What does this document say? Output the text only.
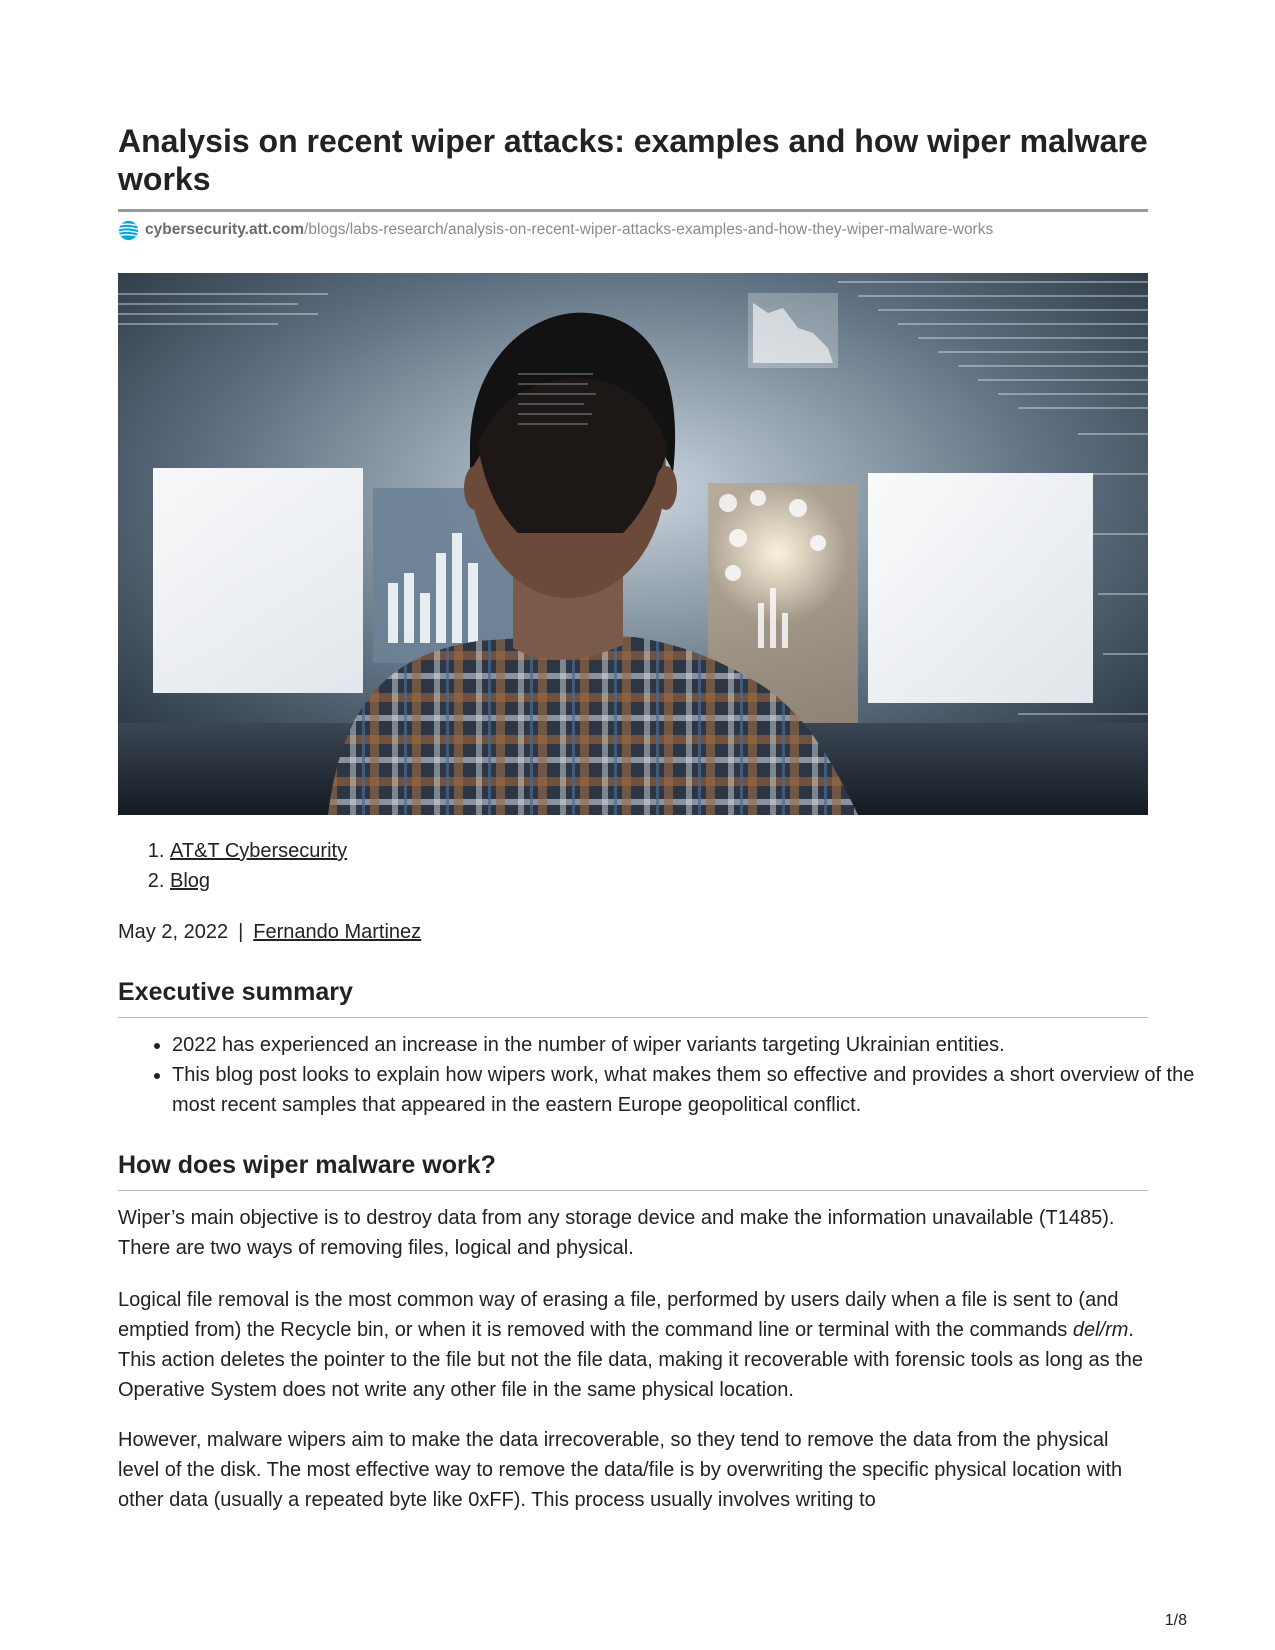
Analysis on recent wiper attacks: examples and how wiper malware works
cybersecurity.att.com /blogs/labs-research/analysis-on-recent-wiper-attacks-examples-and-how-they-wiper-malware-works
1. AT&T Cybersecurity
2. Blog
May 2, 2022 | Fernando Martinez
Executive summary
• 2022 has experienced an increase in the number of wiper variants targeting Ukrainian entities.
• This blog post looks to explain how wipers work, what makes them so effective and provides a short overview of the most recent samples that appeared in the eastern Europe geopolitical conflict.
How does wiper malware work?

Wiper’s main objective is to destroy data from any storage device and make the information unavailable (T1485). There are two ways of removing files, logical and physical.

Logical file removal is the most common way of erasing a file, performed by users daily when a file is sent to (and emptied from) the Recycle bin, or when it is removed with the command line or terminal with the commands del/rm. This action deletes the pointer to the file but not the file data, making it recoverable with forensic tools as long as the Operative System does not write any other file in the same physical location.

However, malware wipers aim to make the data irrecoverable, so they tend to remove the data from the physical level of the disk. The most effective way to remove the data/file is by overwriting the specific physical location with other data (usually a repeated byte like 0xFF). This process usually involves writing to

1/8
